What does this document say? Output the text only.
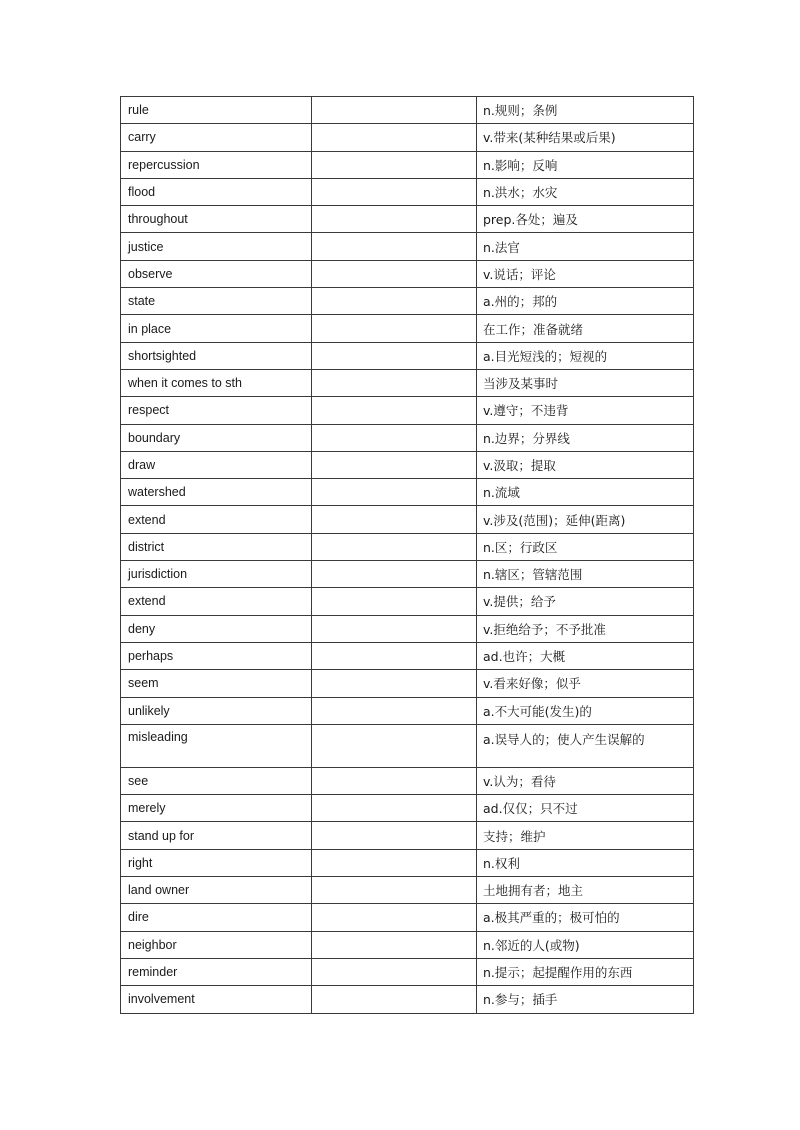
rule		n.规则；条例
carry		v.带来(某种结果或后果)
repercussion		n.影响；反响
flood		n.洪水；水灾
throughout		prep.各处；遍及
justice		n.法官
observe		v.说话；评论
state		a.州的；邦的
in place		在工作；准备就绪
shortsighted		a.目光短浅的；短视的
when it comes to sth		当涉及某事时
respect		v.遵守；不违背
boundary		n.边界；分界线
draw		v.汲取；提取
watershed		n.流域
extend		v.涉及(范围)；延伸(距离)
district		n.区；行政区
jurisdiction		n.辖区；管辖范围
extend		v.提供；给予
deny		v.拒绝给予；不予批准
perhaps		ad.也许；大概
seem		v.看来好像；似乎
unlikely		a.不大可能(发生)的
misleading		a.误导人的；使人产生误解的
see		v.认为；看待
merely		ad.仅仅；只不过
stand up for		支持；维护
right		n.权利
land owner		土地拥有者；地主
dire		a.极其严重的；极可怕的
neighbor		n.邻近的人(或物)
reminder		n.提示；起提醒作用的东西
involvement		n.参与；插手
